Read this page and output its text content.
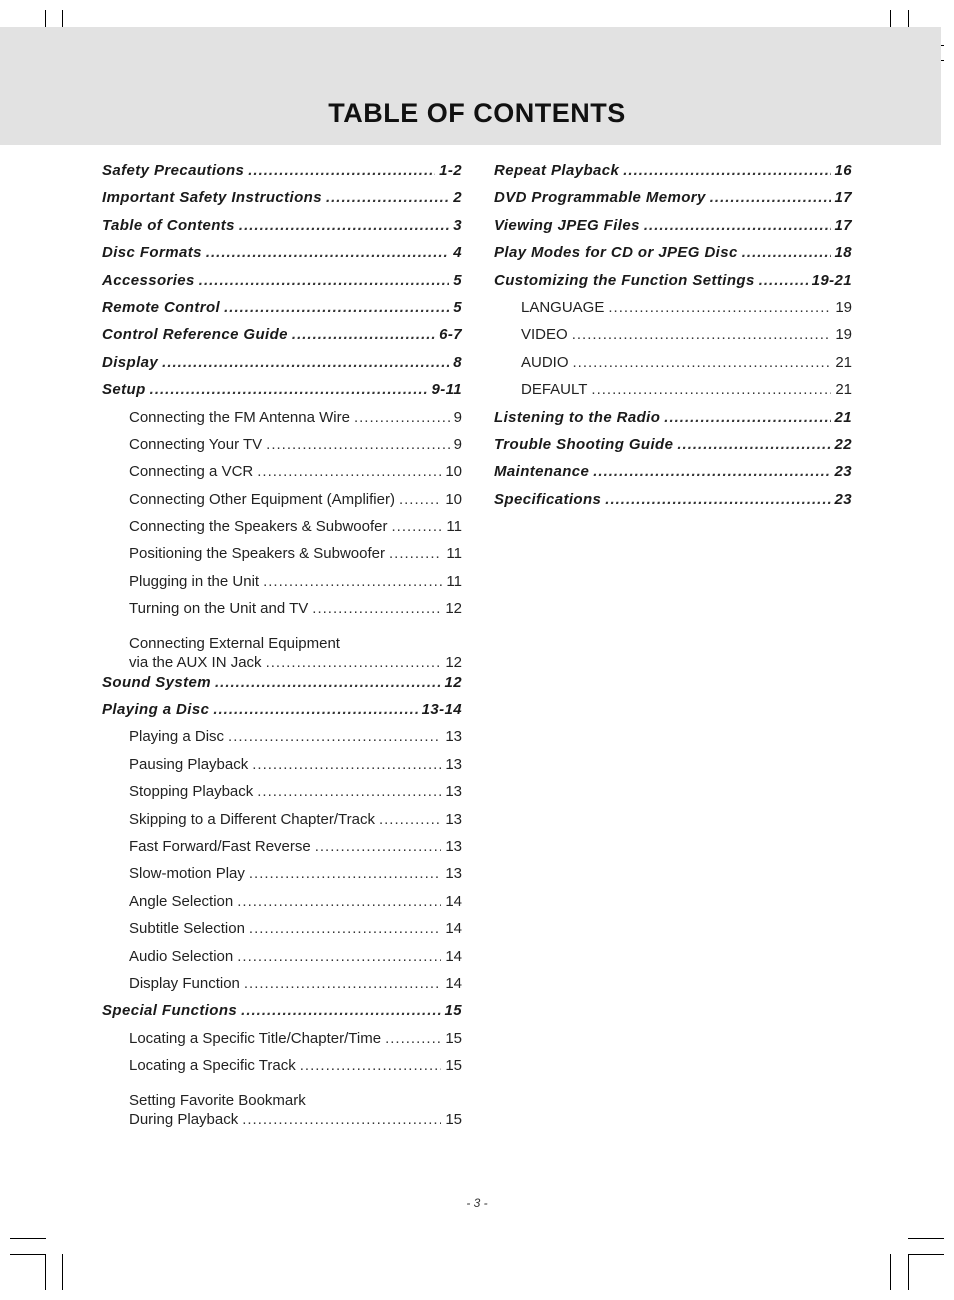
TABLE OF CONTENTS
Safety Precautions .....	1-2
Important Safety Instructions .....	2
Table of Contents .....	3
Disc Formats .....	4
Accessories .....	5
Remote Control .....	5
Control Reference Guide .....	6-7
Display .....	8
Setup .....	9-11
Connecting the FM Antenna Wire .....	9
Connecting Your TV .....	9
Connecting a VCR .....	10
Connecting Other Equipment (Amplifier) .....	10
Connecting the Speakers & Subwoofer .....	11
Positioning the Speakers & Subwoofer .....	11
Plugging in the Unit .....	11
Turning on the Unit and TV .....	12
Connecting External Equipment
via the AUX IN Jack .....	12
Sound System .....	12
Playing a Disc .....	13-14
Playing a Disc .....	13
Pausing Playback .....	13
Stopping Playback .....	13
Skipping to a Different Chapter/Track .....	13
Fast Forward/Fast Reverse .....	13
Slow-motion Play .....	13
Angle Selection .....	14
Subtitle Selection .....	14
Audio Selection .....	14
Display Function .....	14
Special Functions .....	15
Locating a Specific Title/Chapter/Time .....	15
Locating a Specific Track .....	15
Setting Favorite Bookmark
During Playback .....	15
Repeat Playback .....	16
DVD Programmable Memory .....	17
Viewing JPEG Files .....	17
Play Modes for CD or JPEG Disc .....	18
Customizing the Function Settings .....	19-21
LANGUAGE .....	19
VIDEO .....	19
AUDIO .....	21
DEFAULT .....	21
Listening to the Radio .....	21
Trouble Shooting Guide .....	22
Maintenance .....	23
Specifications .....	23
- 3 -
